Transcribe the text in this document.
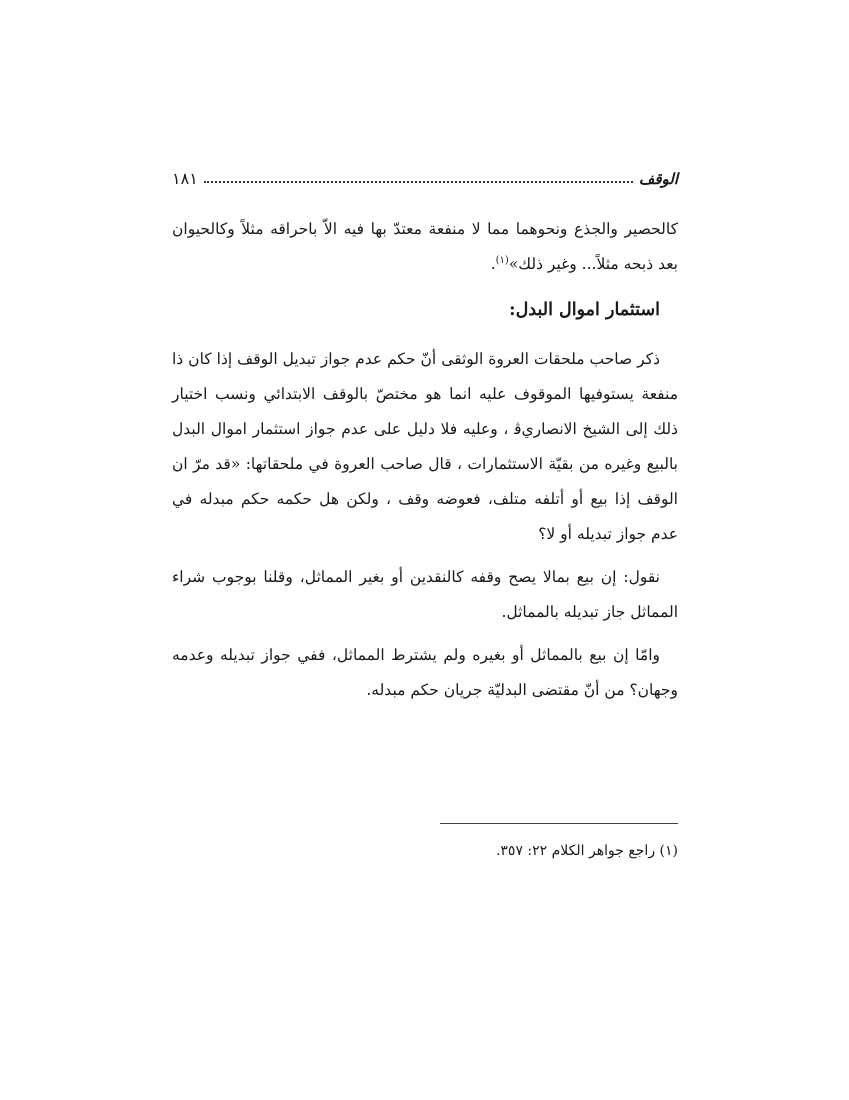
الوقف
١٨١

كالحصير والجذع ونحوهما مما لا منفعة معتدّ بها فيه الاّ باحراقه مثلاً وكالحيوان بعد ذبحه مثلاً... وغير ذلك»$^{(١)}$.

استثمار اموال البدل:

ذكر صاحب ملحقات العروة الوثقى أنّ حكم عدم جواز تبديل الوقف إذا كان ذا منفعة يستوفيها الموقوف عليه انما هو مختصّ بالوقف الابتدائي ونسب اختيار ذلك إلى الشيخ الانصاريﭬ ، وعليه فلا دليل على عدم جواز استثمار اموال البدل بالبيع وغيره من بقيّة الاستثمارات ، قال صاحب العروة في ملحقاتها: «قد مرّ ان الوقف إذا بيع أو أتلفه متلف، فعوضه وقف ، ولكن هل حكمه حكم مبدله في عدم جواز تبديله أو لا؟

نقول: إن بيع بمالا يصح وقفه كالنقدين أو بغير المماثل، وقلنا بوجوب شراء المماثل جاز تبديله بالمماثل.

وامّا إن بيع بالمماثل أو بغيره ولم يشترط المماثل، ففي جواز تبديله وعدمه وجهان؟ من أنّ مقتضى البدليّة جريان حكم مبدله.

(١) راجع جواهر الكلام ٢٢: ٣٥٧.
